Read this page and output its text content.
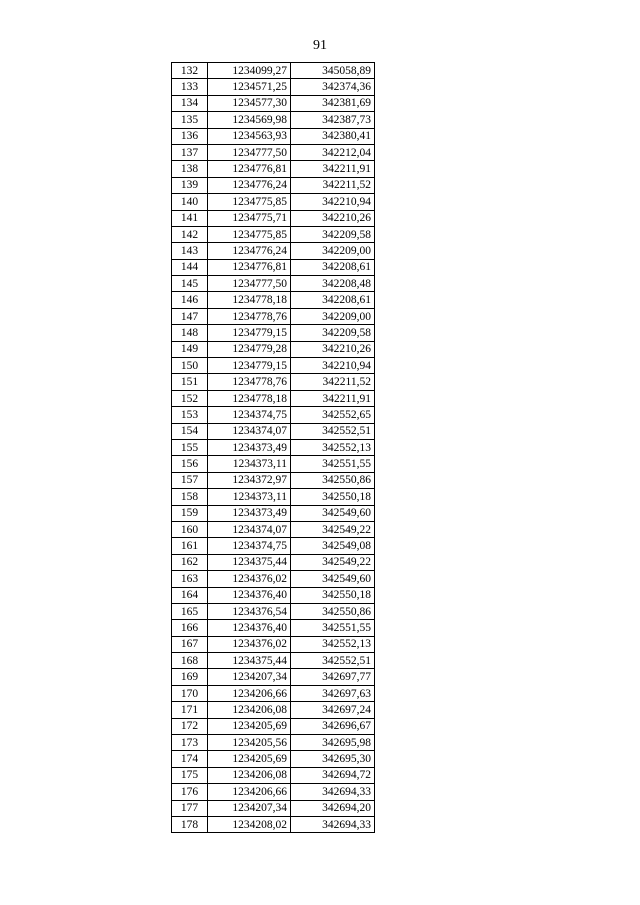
91
132	1234099,27	345058,89
133	1234571,25	342374,36
134	1234577,30	342381,69
135	1234569,98	342387,73
136	1234563,93	342380,41
137	1234777,50	342212,04
138	1234776,81	342211,91
139	1234776,24	342211,52
140	1234775,85	342210,94
141	1234775,71	342210,26
142	1234775,85	342209,58
143	1234776,24	342209,00
144	1234776,81	342208,61
145	1234777,50	342208,48
146	1234778,18	342208,61
147	1234778,76	342209,00
148	1234779,15	342209,58
149	1234779,28	342210,26
150	1234779,15	342210,94
151	1234778,76	342211,52
152	1234778,18	342211,91
153	1234374,75	342552,65
154	1234374,07	342552,51
155	1234373,49	342552,13
156	1234373,11	342551,55
157	1234372,97	342550,86
158	1234373,11	342550,18
159	1234373,49	342549,60
160	1234374,07	342549,22
161	1234374,75	342549,08
162	1234375,44	342549,22
163	1234376,02	342549,60
164	1234376,40	342550,18
165	1234376,54	342550,86
166	1234376,40	342551,55
167	1234376,02	342552,13
168	1234375,44	342552,51
169	1234207,34	342697,77
170	1234206,66	342697,63
171	1234206,08	342697,24
172	1234205,69	342696,67
173	1234205,56	342695,98
174	1234205,69	342695,30
175	1234206,08	342694,72
176	1234206,66	342694,33
177	1234207,34	342694,20
178	1234208,02	342694,33
